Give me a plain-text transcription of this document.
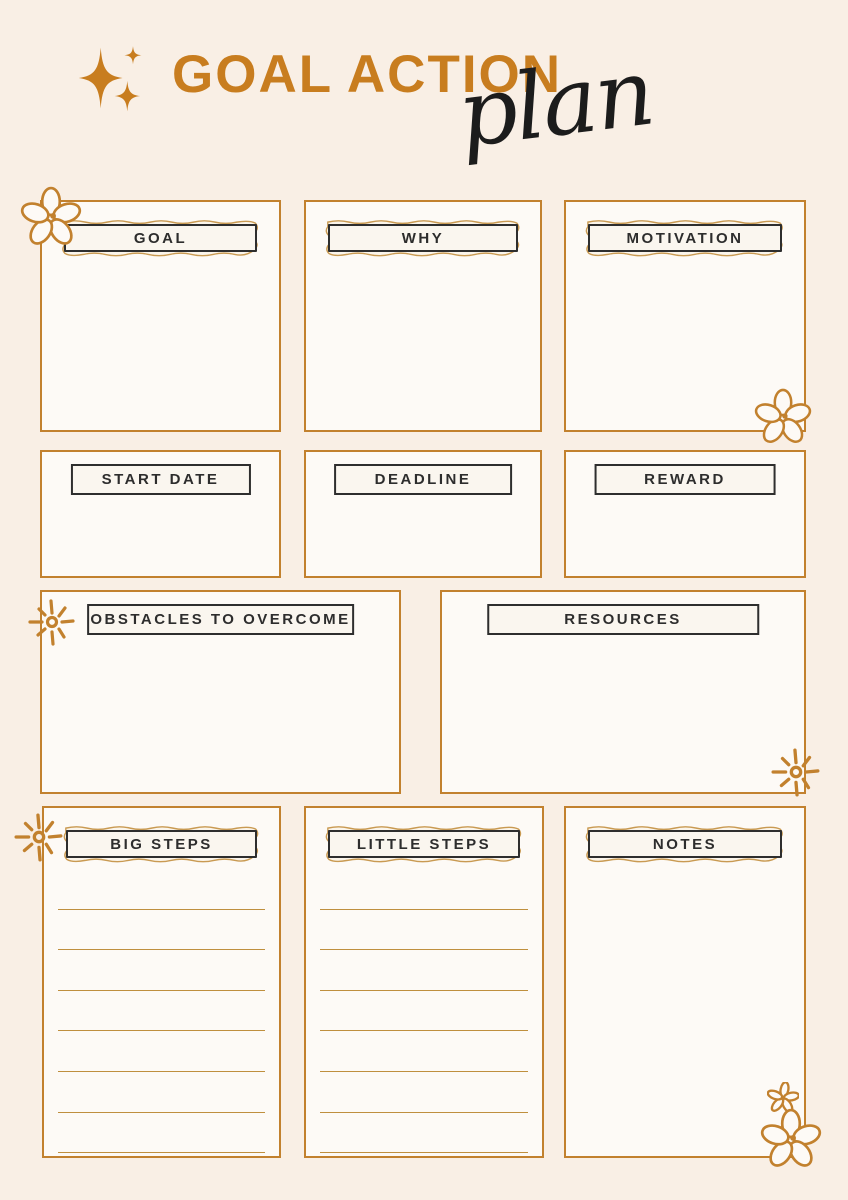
GOAL ACTION
plan
GOAL	WHY	MOTIVATION
START DATE	DEADLINE	REWARD
OBSTACLES TO OVERCOME	RESOURCES
BIG STEPS	LITTLE STEPS	NOTES
